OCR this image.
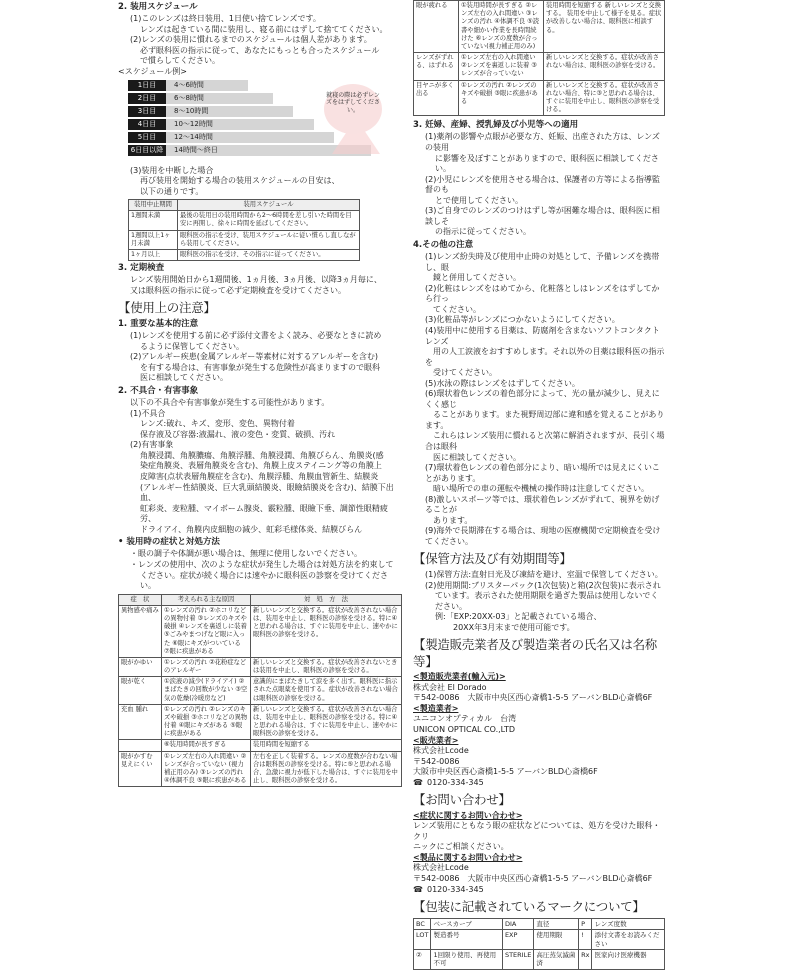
2. 装用スケジュール

(1)このレンズは終日装用、1日使い捨てレンズです。

レンズは起きている間に装用し、寝る前にはずして捨ててください。

(2)レンズの装用に慣れるまでのスケジュールは個人差があります。

必ず眼科医の指示に従って、あなたにもっとも合ったスケジュール

で慣らしてください。

<スケジュール例>
1日目	4〜6時間
2日目	6〜8時間
3日目	8〜10時間
4日目	10〜12時間
5日目	12〜14時間
6日目以降	14時間〜終日
就寝の際は必ずレンズをはずしてください。

(3)装用を中断した場合

再び装用を開始する場合の装用スケジュールの目安は、

以下の通りです。

装用中止期間	装用スケジュール
1週間未満	最後の装用日の装用時間から2〜6時間を差し引いた時間を目安に再開し、徐々に時間を延ばしてください。
1週間以上1ヶ月未満	眼科医の指示を受け、装用スケジュールに従い慣らし直しながら装用してください。
1ヶ月以上	眼科医の指示を受け、その指示に従ってください。
3. 定期検査

レンズ装用開始日から1週間後、1ヵ月後、3ヵ月後、以降3ヵ月毎に、

又は眼科医の指示に従って必ず定期検査を受けてください。

【使用上の注意】
1. 重要な基本的注意

(1)レンズを使用する前に必ず添付文書をよく読み、必要なときに読め

るように保管してください。

(2)アレルギー疾患(金属アレルギー等素材に対するアレルギーを含む)

を有する場合は、有害事象が発生する危険性が高まりますので眼科

医に相談してください。

2. 不具合・有害事象

以下の不具合や有害事象が発生する可能性があります。

(1)不具合

レンズ:破れ、キズ、変形、変色、異物付着

保存液及び容器:液漏れ、液の変色・変質、破損、汚れ

(2)有害事象

角膜浸潤、角膜膿瘍、角膜浮腫、角膜浸潤、角膜びらん、角膜炎(感

染症角膜炎、表層角膜炎を含む)、角膜上皮ステイニング等の角膜上

皮障害(点状表層角膜症を含む)、角膜浮腫、角膜血管新生、結膜炎

(アレルギー性結膜炎、巨大乳頭結膜炎、眼瞼結膜炎を含む)、結膜下出血、

虹彩炎、麦粒腫、マイボーム腺炎、霰粒腫、眼瞼下垂、調節性眼精疲労、

ドライアイ、角膜内皮細胞の減少、虹彩毛様体炎、結膜びらん

• 装用時の症状と対処方法

・眼の調子や体調が悪い場合は、無理に使用しないでください。

・レンズの使用中、次のような症状が発生した場合は対処方法を約束して

ください。症状が続く場合には速やかに眼科医の診察を受けてください。

症　状	考えられる主な原因	対　処　方　法
異物感や痛み	①レンズの汚れ ②ホコリなどの異物付着 ③レンズのキズや破損 ④レンズを裏返しに装着 ⑤ごみやまつげなど眼に入った ⑥眼にキズがついている ⑦眼に疾患がある	新しいレンズと交換する。症状が改善されない場合は、装用を中止し、眼科医の診察を受ける。特に④と思われる場合は、すぐに装用を中止し、速やかに眼科医の診察を受ける。
眼がかゆい	①レンズの汚れ ②花粉症などのアレルギー	新しいレンズと交換する。症状が改善されないときは装用を中止し、眼科医の診察を受ける。
眼が乾く	①涙液の減少(ドライアイ) ②まばたきの回数が少ない ③空気の乾燥(冷暖房など)	意識的にまばたきして涙を多く出す。眼科医に指示された点眼薬を使用する。症状が改善されない場合は眼科医の診察を受ける。
充血 腫れ	①レンズの汚れ ②レンズのキズや破損 ③ホコリなどの異物付着 ④眼にキズがある ⑤眼に疾患がある	新しいレンズと交換する。症状が改善されない場合は、装用を中止し、眼科医の診察を受ける。特に④と思われる場合は、すぐに装用を中止し、速やかに眼科医の診察を受ける。
	⑥装用時間が長すぎる	装用時間を短縮する
眼がかすむ 見えにくい	①レンズ左右の入れ間違い ②レンズが合っていない (視力補正用のみ) ③レンズの汚れ ④体調不良 ⑤眼に疾患がある	左右を正しく装着する。レンズの度数が合わない場合は眼科医の診察を受ける。特に⑤と思われる場合、急激に視力が低下した場合は、すぐに装用を中止し、眼科医の診察を受ける。
眼が疲れる	①装用時間が長すぎる ②レンズ左右の入れ間違い ③レンズの汚れ ④体調不良 ⑤読書や細かい作業を長時間続けた ⑥レンズの度数が合っていない(視力補正用のみ)	装用時間を短縮する 新しいレンズと交換する。 装用を中止して様子を見る。症状が改善しない場合は、眼科医に相談する。
レンズがずれる、はずれる	①レンズ左右の入れ間違い ②レンズを裏返しに装着 ③レンズが合っていない	新しいレンズと交換する。症状が改善されない場合は、眼科医の診察を受ける。
目ヤニが多く出る	①レンズの汚れ ②レンズのキズや破損 ③眼に疾患がある	新しいレンズと交換する。症状が改善されない場合、特に③と思われる場合は、すぐに装用を中止し、眼科医の診察を受ける。
3. 妊婦、産婦、授乳婦及び小児等への適用

(1)薬剤の影響や点眼が必要な方、妊娠、出産された方は、レンズの装用

に影響を及ぼすことがありますので、眼科医に相談してください。

(2)小児にレンズを使用させる場合は、保護者の方等による指導監督のも

とで使用してください。

(3)ご自身でのレンズのつけはずし等が困難な場合は、眼科医に相談しそ

の指示に従ってください。

4.その他の注意

(1)レンズ紛失時及び使用中止時の対処として、予備レンズを携帯し、眼

　鏡と併用してください。

(2)化粧はレンズをはめてから、化粧落としはレンズをはずしてから行っ

　てください。

(3)化粧品等がレンズにつかないようにしてください。

(4)装用中に使用する目薬は、防腐剤を含まないソフトコンタクトレンズ

　用の人工涙液をおすすめします。それ以外の目薬は眼科医の指示を

　受けてください。

(5)水泳の際はレンズをはずしてください。

(6)環状着色レンズの着色部分によって、光の量が減少し、見えにくく感じ

　ることがあります。また視野周辺部に違和感を覚えることがあります。

　これらはレンズ装用に慣れると次第に解消されますが、長引く場合は眼科

　医に相談してください。

(7)環状着色レンズの着色部分により、暗い場所では見えにくいことがあります。

　暗い場所での車の運転や機械の操作時は注意してください。

(8)激しいスポーツ等では、環状着色レンズがずれて、視界を妨げることが

　あります。

(9)海外で長期滞在する場合は、現地の医療機関で定期検査を受けてください。

【保管方法及び有効期間等】

(1)保管方法:直射日光及び凍結を避け、室温で保管してください。

(2)使用期間:ブリスターパック(1次包装)と箱(2次包装)に表示され

ています。表示された使用期限を過ぎた製品は使用しないでください。

例:「EXP:20XX-03」と記載されている場合、

20XX年3月末まで使用可能です。

【製造販売業者及び製造業者の氏名又は名称等】
<製造販売業者(輸入元)>
株式会社 El Dorado
〒542-0086　大阪市中央区西心斎橋1-5-5 アーバンBLD心斎橋6F
<製造業者>
ユニコンオプティカル　台湾
UNICON OPTICAL CO.,LTD
<販売業者>
株式会社Lcode
〒542-0086
大阪市中央区西心斎橋1-5-5 アーバンBLD心斎橋6F
☎ 0120-334-345
【お問い合わせ】
<症状に関するお問い合わせ>
レンズ装用にともなう眼の症状などについては、処方を受けた眼科・クリ
ニックにご相談ください。
<製品に関するお問い合わせ>
株式会社Lcode
〒542-0086　大阪市中央区西心斎橋1-5-5 アーバンBLD心斎橋6F
☎ 0120-334-345
【包装に記載されているマークについて】
BC	ベースカーブ	DIA	直径	P	レンズ度数
LOT	製造番号	EXP	使用期限	!	添付文書をお読みください
②	1回限り使用、再使用不可	STERILE	高圧蒸気滅菌済	Rx	医家向け医療機器
